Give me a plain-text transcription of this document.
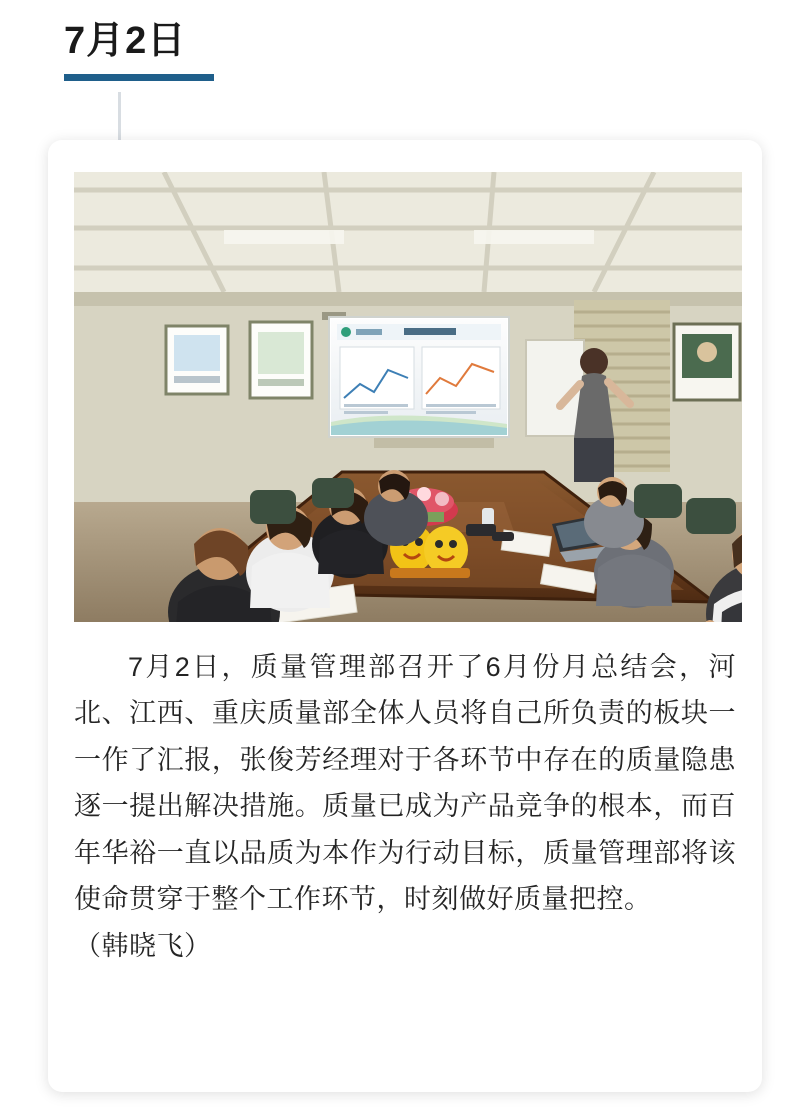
7月2日

7月2日，质量管理部召开了6月份月总结会，河北、江西、重庆质量部全体人员将自己所负责的板块一一作了汇报，张俊芳经理对于各环节中存在的质量隐患逐一提出解决措施。质量已成为产品竞争的根本，而百年华裕一直以品质为本作为行动目标，质量管理部将该使命贯穿于整个工作环节，时刻做好质量把控。

（韩晓飞）
